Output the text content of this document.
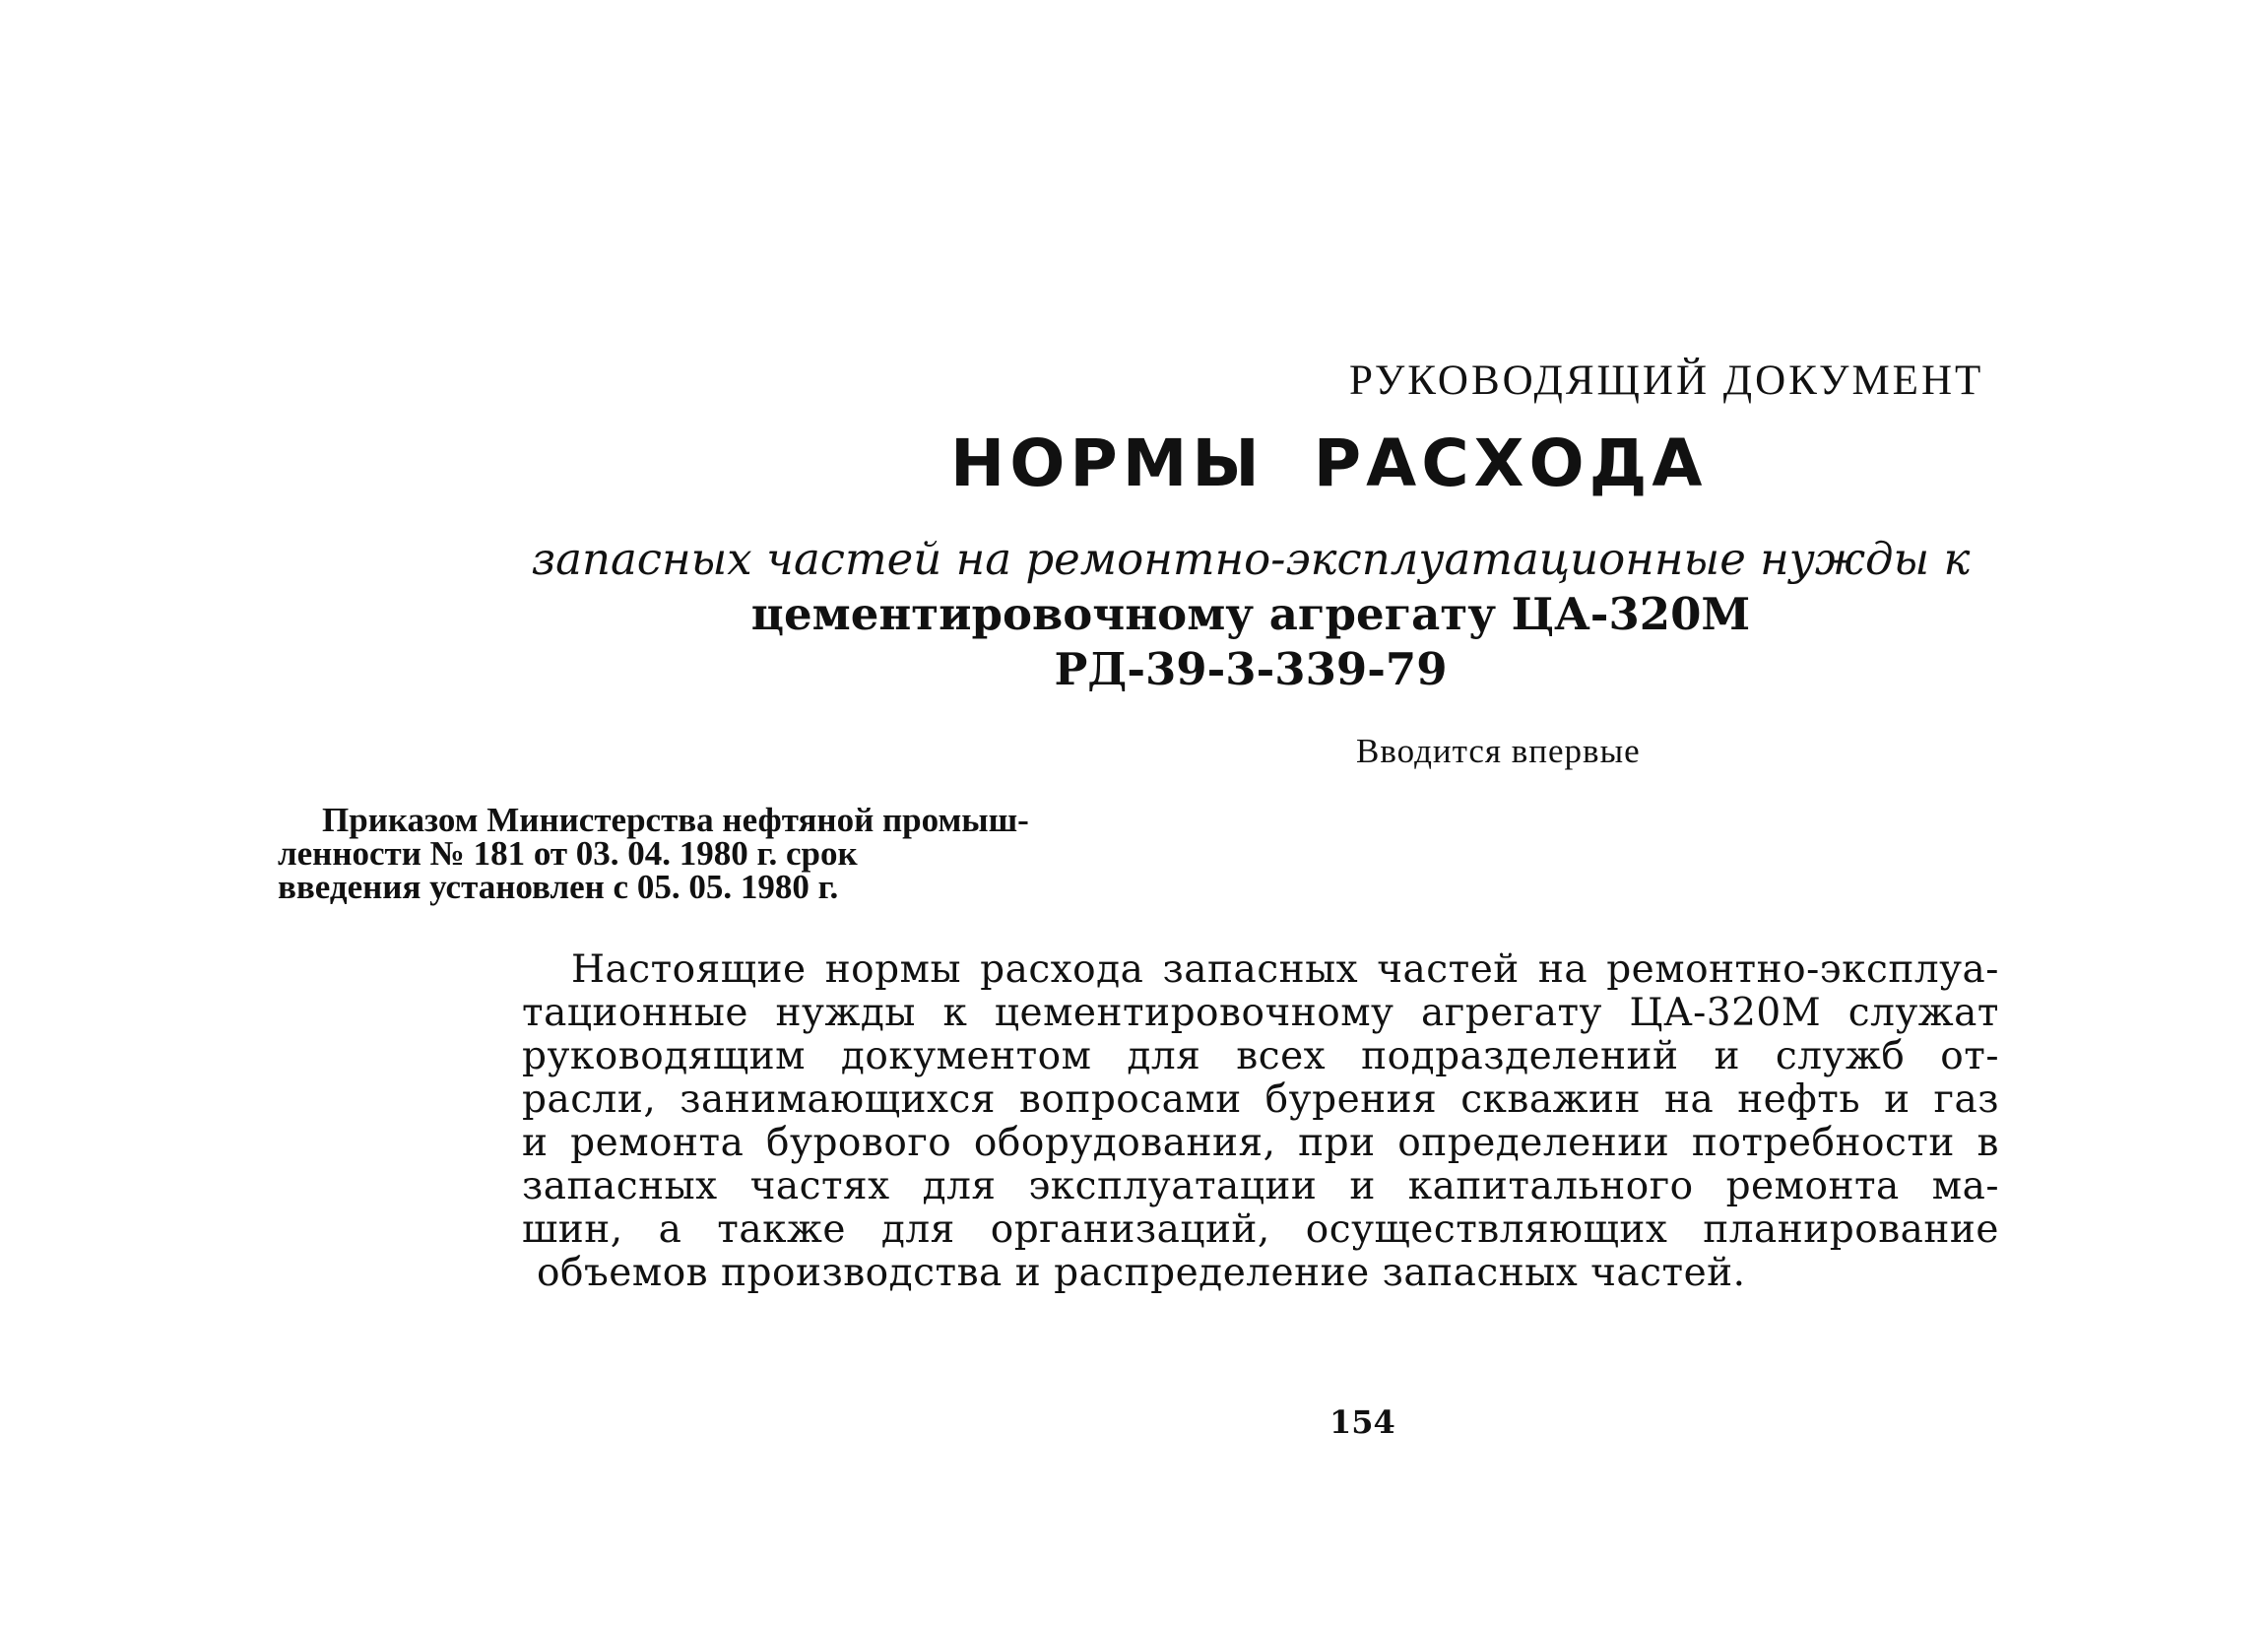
РУКОВОДЯЩИЙ ДОКУМЕНТ
НОРМЫ РАСХОДА
запасных частей на ремонтно-эксплуатационные нужды к
цементировочному агрегату ЦА-320М
РД-39-3-339-79
Вводится впервые
Приказом Министерства нефтяной промыш-
ленности № 181 от 03. 04. 1980 г. срок
введения установлен с 05. 05. 1980 г.
Настоящие нормы расхода запасных частей на ремонтно-эксплуа-
тационные нужды к цементировочному агрегату ЦА-320М служат
руководящим документом для всех подразделений и служб от-
расли, занимающихся вопросами бурения скважин на нефть и газ
и ремонта бурового оборудования, при определении потребности в
запасных частях для эксплуатации и капитального ремонта ма-
шин, а также для организаций, осуществляющих планирование
объемов производства и распределение запасных частей.
154
